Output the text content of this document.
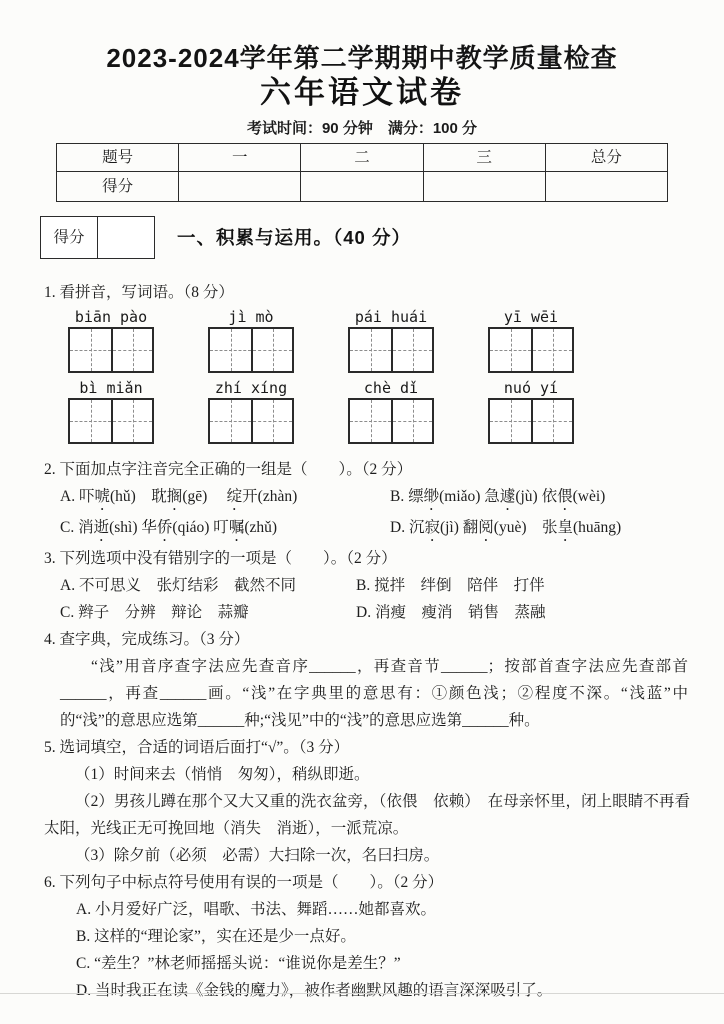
2023-2024学年第二学期期中教学质量检查
六年语文试卷
考试时间：90 分钟　满分：100 分
题号	一	二	三	总分
得分				
得分	一、积累与运用。（40 分）
1. 看拼音，写词语。（8 分）
biān pào	jì mò	pái huái	yī wēi
bì miǎn	zhí xíng	chè dǐ	nuó yí
2. 下面加点字注音完全正确的一组是（　　）。（2 分）
A. 吓唬(hǔ)　耽搁(gē)　 绽开(zhàn)	B. 缥缈(miǎo) 急遽(jù) 依偎(wèi)
C. 消逝(shì) 华侨(qiáo) 叮嘱(zhǔ)	D. 沉寂(jì) 翻阅(yuè)　张皇(huāng)
3. 下列选项中没有错别字的一项是（　　）。（2 分）
A. 不可思义　张灯结彩　截然不同	B. 搅拌　绊倒　陪伴　打伴
C. 辫子　分辨　辩论　蒜瓣	D. 消瘦　瘦消　销售　蒸融
4. 查字典，完成练习。（3 分）

“浅”用音序查字法应先查音序______，再查音节______；按部首查字法应先查部首______，再查______画。“浅”在字典里的意思有：①颜色浅；②程度不深。“浅蓝”中的“浅”的意思应选第______种;“浅见”中的“浅”的意思应选第______种。

5. 选词填空，合适的词语后面打“√”。（3 分）

（1）时间来去（悄悄　匆匆），稍纵即逝。

（2）男孩儿蹲在那个又大又重的洗衣盆旁，（依偎　依赖）　在母亲怀里，闭上眼睛不再看太阳，光线正无可挽回地（消失　消逝），一派荒凉。

（3）除夕前（必须　必需）大扫除一次，名曰扫房。

6. 下列句子中标点符号使用有误的一项是（　　）。（2 分）
A. 小月爱好广泛，唱歌、书法、舞蹈……她都喜欢。
B. 这样的“理论家”，实在还是少一点好。
C. “差生？”林老师摇摇头说：“谁说你是差生？”
D. 当时我正在读《金钱的魔力》，被作者幽默风趣的语言深深吸引了。
